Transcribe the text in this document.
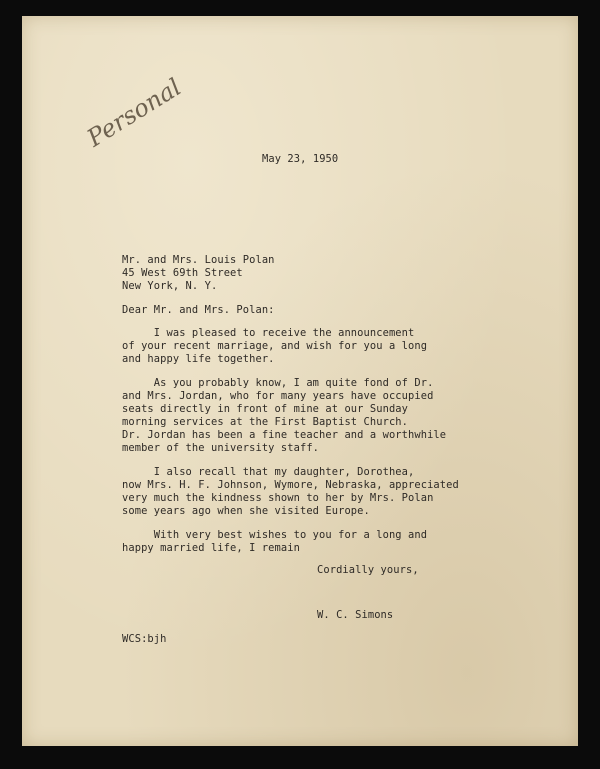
Personal
May 23, 1950
Mr. and Mrs. Louis Polan
45 West 69th Street
New York, N. Y.
Dear Mr. and Mrs. Polan:
I was pleased to receive the announcement
of your recent marriage, and wish for you a long
and happy life together.
As you probably know, I am quite fond of Dr.
and Mrs. Jordan, who for many years have occupied
seats directly in front of mine at our Sunday
morning services at the First Baptist Church.
Dr. Jordan has been a fine teacher and a worthwhile
member of the university staff.
I also recall that my daughter, Dorothea,
now Mrs. H. F. Johnson, Wymore, Nebraska, appreciated
very much the kindness shown to her by Mrs. Polan
some years ago when she visited Europe.
With very best wishes to you for a long and
happy married life, I remain
Cordially yours,
W. C. Simons
WCS:bjh
